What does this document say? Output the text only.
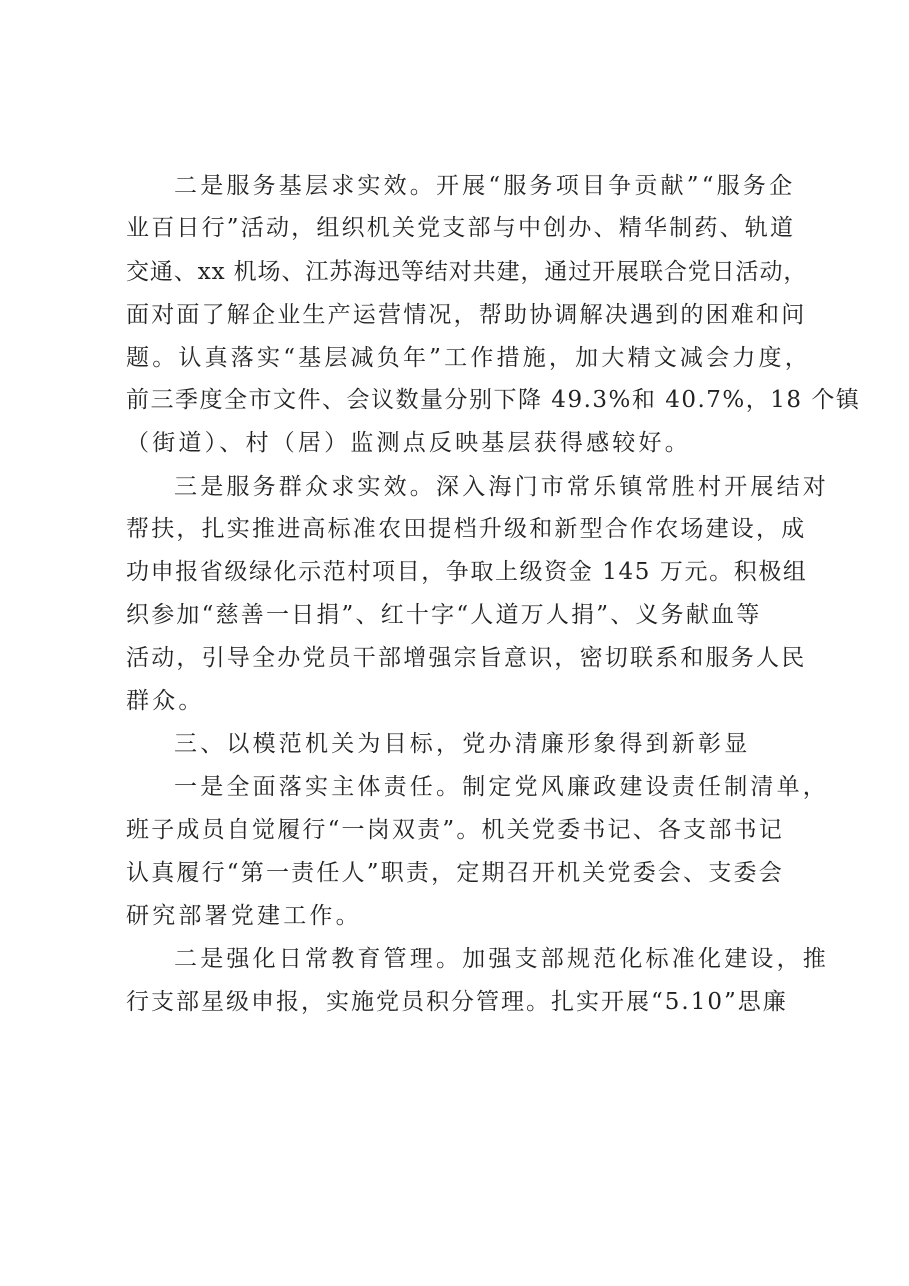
二是服务基层求实效。开展“服务项目争贡献”“服务企
业百日行”活动，组织机关党支部与中创办、精华制药、轨道
交通、xx 机场、江苏海迅等结对共建，通过开展联合党日活动，
面对面了解企业生产运营情况，帮助协调解决遇到的困难和问
题。认真落实“基层减负年”工作措施，加大精文减会力度，
前三季度全市文件、会议数量分别下降 49.3%和 40.7%，18 个镇
（街道）、村（居）监测点反映基层获得感较好。
三是服务群众求实效。深入海门市常乐镇常胜村开展结对
帮扶，扎实推进高标准农田提档升级和新型合作农场建设，成
功申报省级绿化示范村项目，争取上级资金 145 万元。积极组
织参加“慈善一日捐”、红十字“人道万人捐”、义务献血等
活动，引导全办党员干部增强宗旨意识，密切联系和服务人民
群众。
三、以模范机关为目标，党办清廉形象得到新彰显
一是全面落实主体责任。制定党风廉政建设责任制清单，
班子成员自觉履行“一岗双责”。机关党委书记、各支部书记
认真履行“第一责任人”职责，定期召开机关党委会、支委会
研究部署党建工作。
二是强化日常教育管理。加强支部规范化标准化建设，推
行支部星级申报，实施党员积分管理。扎实开展“5.10”思廉
